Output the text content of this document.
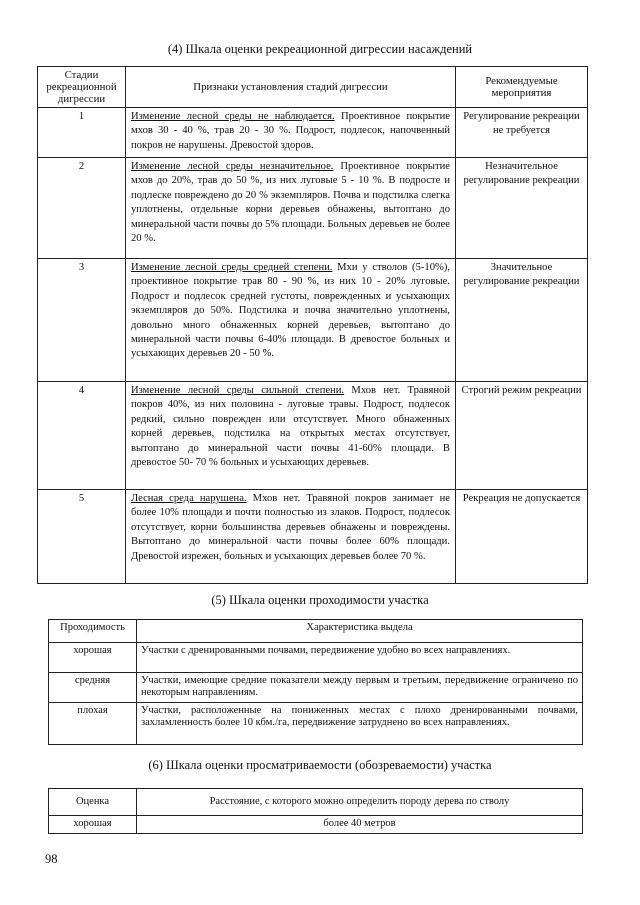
(4) Шкала оценки рекреационной дигрессии насаждений
Стадии рекреационной дигрессии	Признаки установления стадий дигрессии	Рекомендуемые мероприятия
1	Изменение лесной среды не наблюдается. Проективное покрытие мхов 30 - 40 %, трав 20 - 30 %. Подрост, подлесок, напочвенный покров не нарушены. Древостой здоров.	Регулирование рекреации не требуется
2	Изменение лесной среды незначительное. Проективное покрытие мхов до 20%, трав до 50 %, из них луговые 5 - 10 %. В подросте и подлеске повреждено до 20 % экземпляров. Почва и подстилка слегка уплотнены, отдельные корни деревьев обнажены, вытоптано до минеральной части почвы до 5% площади. Больных деревьев не более 20 %.	Незначительное регулирование рекреации
3	Изменение лесной среды средней степени. Мхи у стволов (5-10%), проективное покрытие трав 80 - 90 %, из них 10 - 20% луговые. Подрост и подлесок средней густоты, поврежденных и усыхающих экземпляров до 50%. Подстилка и почва значительно уплотнены, довольно много обнаженных корней деревьев, вытоптано до минеральной части почвы 6-40% площади. В древостое больных и усыхающих деревьев 20 - 50 %.	Значительное регулирование рекреации
4	Изменение лесной среды сильной степени. Мхов нет. Травяной покров 40%, из них половина - луговые травы. Подрост, подлесок редкий, сильно поврежден или отсутствует. Много обнаженных корней деревьев, подстилка на открытых местах отсутствует, вытоптано до минеральной части почвы 41-60% площади. В древостое 50- 70 % больных и усыхающих деревьев.	Строгий режим рекреации
5	Лесная среда нарушена. Мхов нет. Травяной покров занимает не более 10% площади и почти полностью из злаков. Подрост, подлесок отсутствует, корни большинства деревьев обнажены и повреждены. Вытоптано до минеральной части почвы более 60% площади. Древостой изрежен, больных и усыхающих деревьев более 70 %.	Рекреация не допускается
(5) Шкала оценки проходимости участка
Проходимость	Характеристика выдела
хорошая	Участки с дренированными почвами, передвижение удобно во всех направлениях.
средняя	Участки, имеющие средние показатели между первым и третьим, передвижение ограничено по некоторым направлениям.
плохая	Участки, расположенные на пониженных местах с плохо дренированными почвами, захламленность более 10 кбм./га, передвижение затруднено во всех направлениях.
(6) Шкала оценки просматриваемости (обозреваемости) участка
Оценка	Расстояние, с которого можно определить породу дерева по стволу
хорошая	более 40 метров
98
